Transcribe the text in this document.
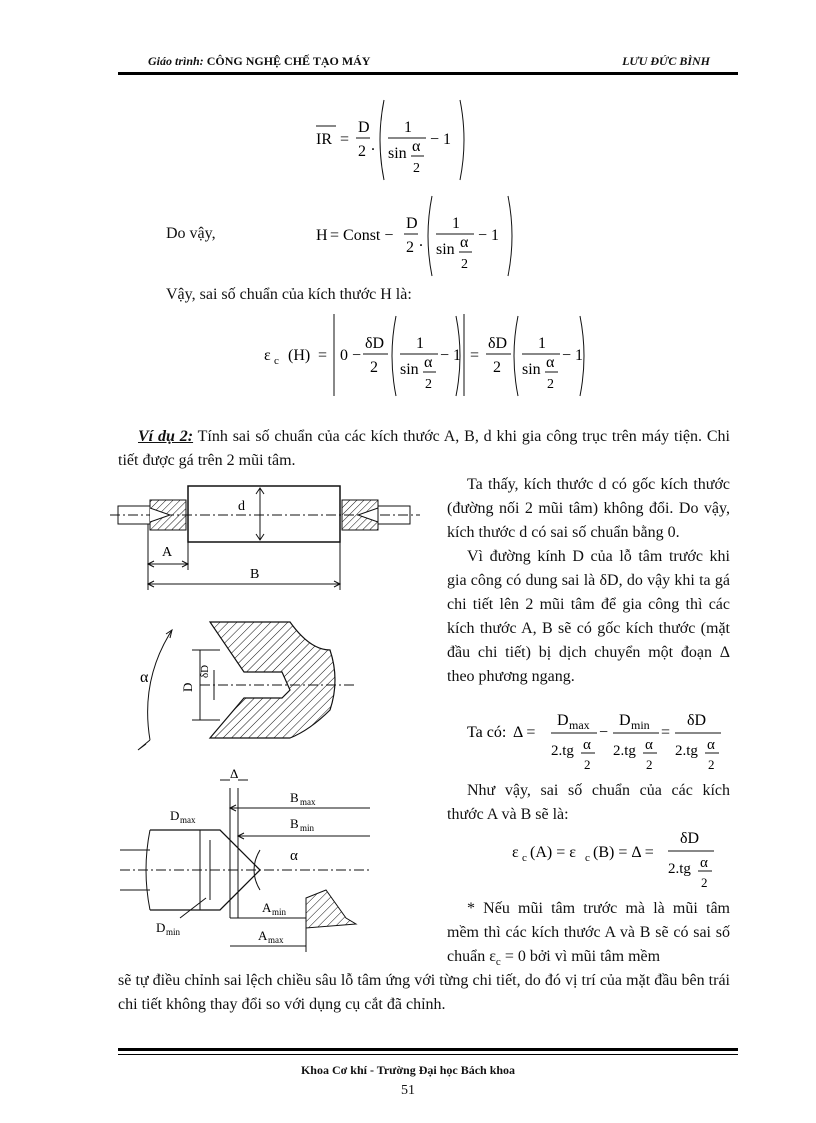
Giáo trình: CÔNG NGHỆ CHẾ TẠO MÁY	LƯU ĐỨC BÌNH
IR =
D
2 .
1
sin α
2
− 1
Do vậy,	H = Const −
D
2 .
1
sin α
2
− 1
Vậy, sai số chuẩn của kích thước H là:
ε c (H) = 0 −
δD
2
1
sin α
2
− 1 =
δD
2
1
sin α
2
− 1

Ví dụ 2: Tính sai số chuẩn của các kích thước A, B, d khi gia công trục trên máy tiện. Chi tiết được gá trên 2 mũi tâm.

Ta thấy, kích thước d có gốc kích thước (đường nối 2 mũi tâm) không đổi. Do vậy, kích thước d có sai số chuẩn bằng 0.

Vì đường kính D của lỗ tâm trước khi gia công có dung sai là δD, do vậy khi ta gá chi tiết lên 2 mũi tâm để gia công thì các kích thước A, B sẽ có gốc kích thước (mặt đầu chi tiết) bị dịch chuyển một đoạn Δ theo phương ngang.

Ta có: Δ =
D max
2.tg α
2
−
D min
2.tg α
2
=
δD
2.tg α
2

Như vậy, sai số chuẩn của các kích thước A và B sẽ là:

ε c (A) = ε c (B) = Δ =
δD
2.tg α
2

* Nếu mũi tâm trước mà là mũi tâm mềm thì các kích thước A và B sẽ có sai số chuẩn $\varepsilon_c = 0$ bởi vì mũi tâm mềm

sẽ tự điều chỉnh sai lệch chiều sâu lỗ tâm ứng với từng chi tiết, do đó vị trí của mặt đầu bên trái chi tiết không thay đổi so với dụng cụ cắt đã chỉnh.
d
A
B
α
D
δD
Δ
B max
B min
D max
D min
α
A min
A max
Khoa Cơ khí - Trường Đại học Bách khoa
51
